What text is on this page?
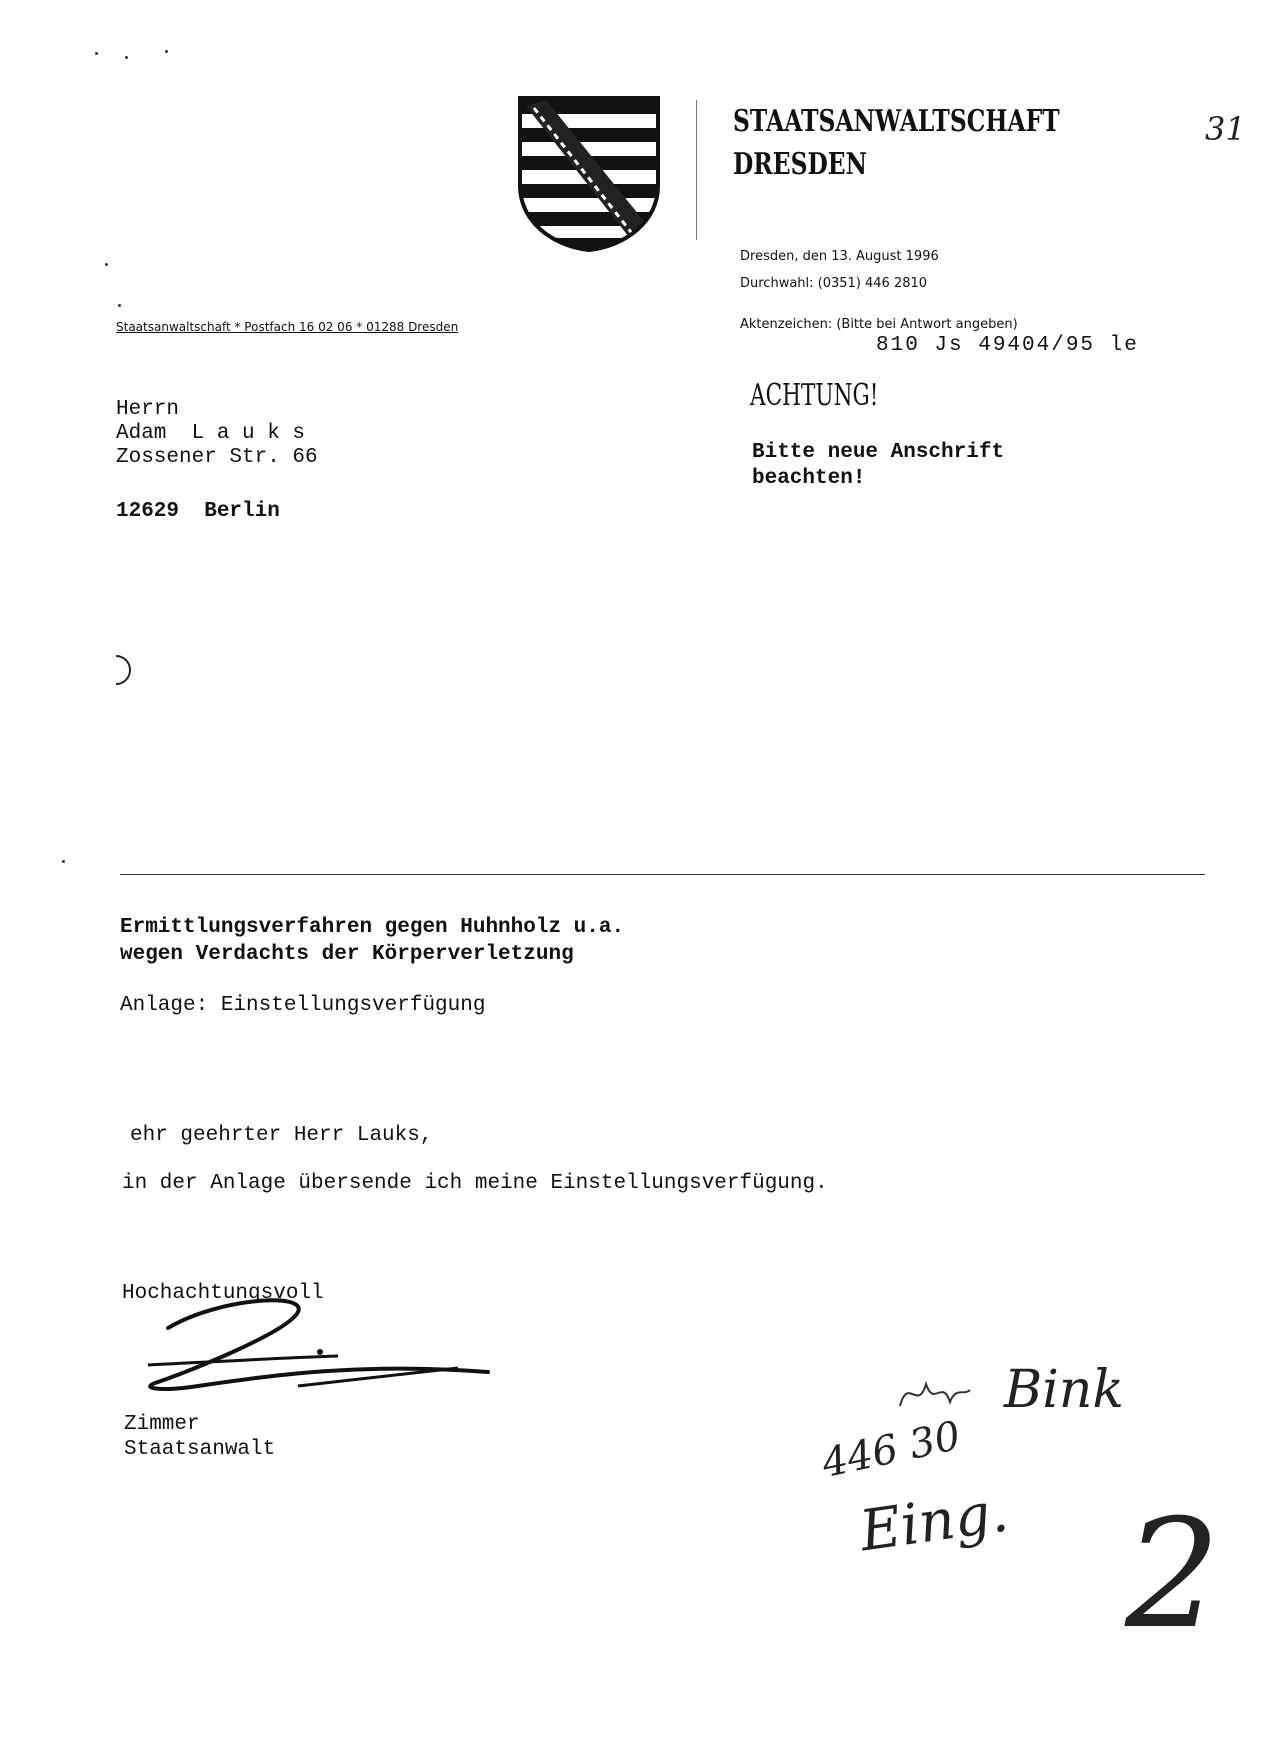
STAATSANWALTSCHAFT
DRESDEN
31
Dresden, den 13. August 1996
Durchwahl: (0351) 446 2810
Aktenzeichen: (Bitte bei Antwort angeben)
810 Js 49404/95 le
Staatsanwaltschaft * Postfach 16 02 06 * 01288 Dresden
Herrn
Adam  L a u k s
Zossener Str. 66
12629  Berlin
ACHTUNG!
Bitte neue Anschrift
beachten!
Ermittlungsverfahren gegen Huhnholz u.a.
wegen Verdachts der Körperverletzung
Anlage: Einstellungsverfügung
ehr geehrter Herr Lauks,
in der Anlage übersende ich meine Einstellungsverfügung.
Hochachtungsvoll
Zimmer
Staatsanwalt
Bink
446 30
Eing. 2
